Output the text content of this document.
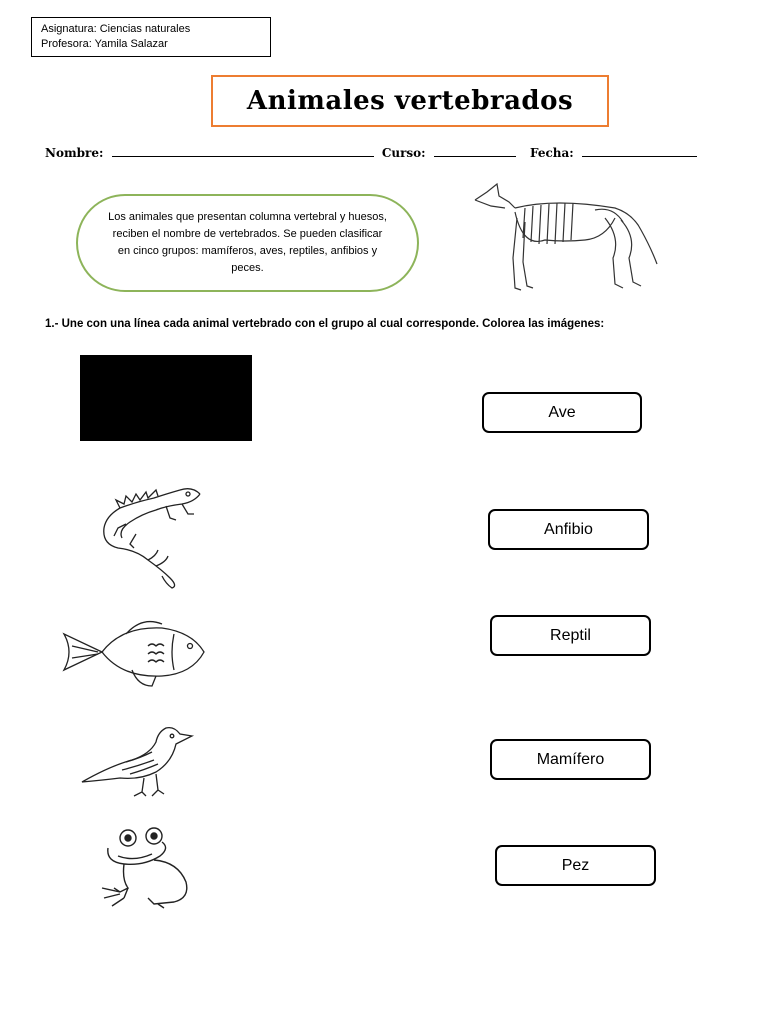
Asignatura: Ciencias naturales
Profesora: Yamila Salazar
Animales vertebrados
Nombre:	Curso:	Fecha:
Los animales que presentan columna vertebral y huesos, reciben el nombre de vertebrados. Se pueden clasificar en cinco grupos: mamíferos, aves, reptiles, anfibios y peces.
1.- Une con una línea cada animal vertebrado con el grupo al cual corresponde. Colorea las imágenes:
Ave
Anfibio
Reptil
Mamífero
Pez
